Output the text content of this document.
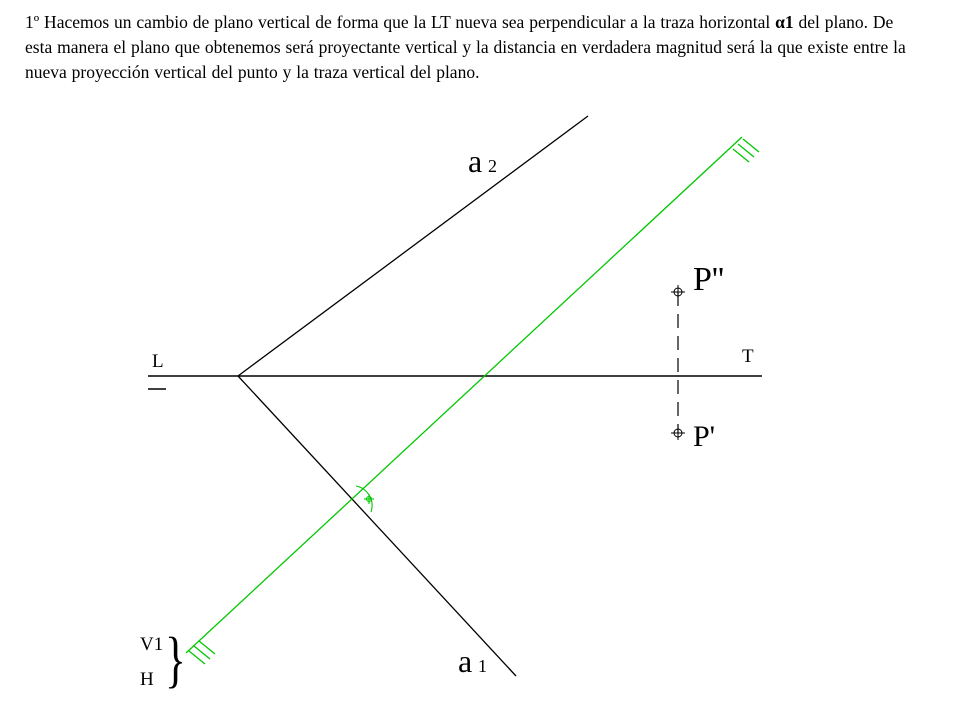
1º Hacemos un cambio de plano vertical de forma que la LT nueva sea perpendicular a la traza horizontal α1 del plano. De esta manera el plano que obtenemos será proyectante vertical y la distancia en verdadera magnitud será la que existe entre la nueva proyección vertical del punto y la traza vertical del plano.
a 2
a 1
P''
P'
L	T
V1
H }
